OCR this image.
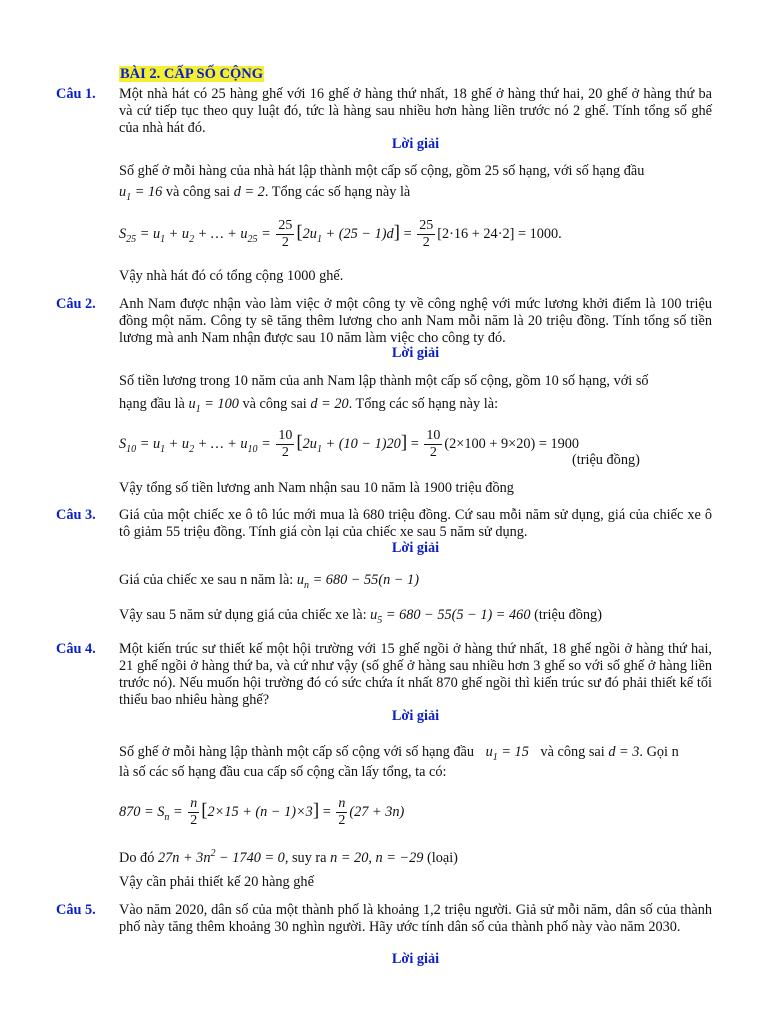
BÀI 2. CẤP SỐ CỘNG
Câu 1. Một nhà hát có 25 hàng ghế với 16 ghế ở hàng thứ nhất, 18 ghế ở hàng thứ hai, 20 ghế ở hàng thứ ba và cứ tiếp tục theo quy luật đó, tức là hàng sau nhiều hơn hàng liền trước nó 2 ghế. Tính tổng số ghế của nhà hát đó.
Lời giải
Số ghế ở mỗi hàng của nhà hát lập thành một cấp số cộng, gồm 25 số hạng, với số hạng đầu
$u_1 = 16$ và công sai d = 2. Tổng các số hạng này là
$S_{25} = u_1 + u_2$ + … + $u_{25} = \frac{25}{2} [2u_1 + (25 - 1)d] = \frac{25}{2} [2\cdot 16 + 24\cdot 2] = 1000$.
Vậy nhà hát đó có tổng cộng 1000 ghế.
Câu 2. Anh Nam được nhận vào làm việc ở một công ty về công nghệ với mức lương khởi điểm là 100 triệu đồng một năm. Công ty sẽ tăng thêm lương cho anh Nam mỗi năm là 20 triệu đồng. Tính tổng số tiền lương mà anh Nam nhận được sau 10 năm làm việc cho công ty đó.
Lời giải
Số tiền lương trong 10 năm của anh Nam lập thành một cấp số cộng, gồm 10 số hạng, với số
hạng đầu là $u_1 = 100$ và công sai d = 20. Tổng các số hạng này là:
$S_{10} = u_1 + u_2$ + … + $u_{10} = \frac{10}{2} [2u_1 + (10 - 1)20] = \frac{10}{2} (2\times 100 + 9\times 20) = 1900$
(triệu đồng)
Vậy tổng số tiền lương anh Nam nhận sau 10 năm là 1900 triệu đồng
Câu 3. Giá của một chiếc xe ô tô lúc mới mua là 680 triệu đồng. Cứ sau mỗi năm sử dụng, giá của chiếc xe ô tô giảm 55 triệu đồng. Tính giá còn lại của chiếc xe sau 5 năm sử dụng.
Lời giải
Giá của chiếc xe sau n năm là: $u_n = 680 - 55(n - 1)$
Vậy sau 5 năm sử dụng giá của chiếc xe là: $u_5 = 680 - 55(5 - 1) = 460$ (triệu đồng)
Câu 4. Một kiến trúc sư thiết kế một hội trường với 15 ghế ngồi ở hàng thứ nhất, 18 ghế ngồi ở hàng thứ hai, 21 ghế ngồi ở hàng thứ ba, và cứ như vậy (số ghế ở hàng sau nhiều hơn 3 ghế so với số ghế ở hàng liền trước nó). Nếu muốn hội trường đó có sức chứa ít nhất 870 ghế ngồi thì kiến trúc sư đó phải thiết kế tối thiểu bao nhiêu hàng ghế?
Lời giải
Số ghế ở mỗi hàng lập thành một cấp số cộng với số hạng đầu $u_1 = 15$ và công sai d = 3. Gọi n
là số các số hạng đầu cua cấp số cộng cần lấy tổng, ta có:
$870 = S_n = \frac{n}{2} [2\times 15 + (n - 1)\times 3] = \frac{n}{2} (27 + 3n)$
Do đó $27n + 3n^2 - 1740 = 0$, suy ra n = 20, n = −29 (loại)
Vậy cần phải thiết kế 20 hàng ghế
Câu 5. Vào năm 2020, dân số của một thành phố là khoảng 1,2 triệu người. Giả sử mỗi năm, dân số của thành phố này tăng thêm khoảng 30 nghìn người. Hãy ước tính dân số của thành phố này vào năm 2030.
Lời giải
